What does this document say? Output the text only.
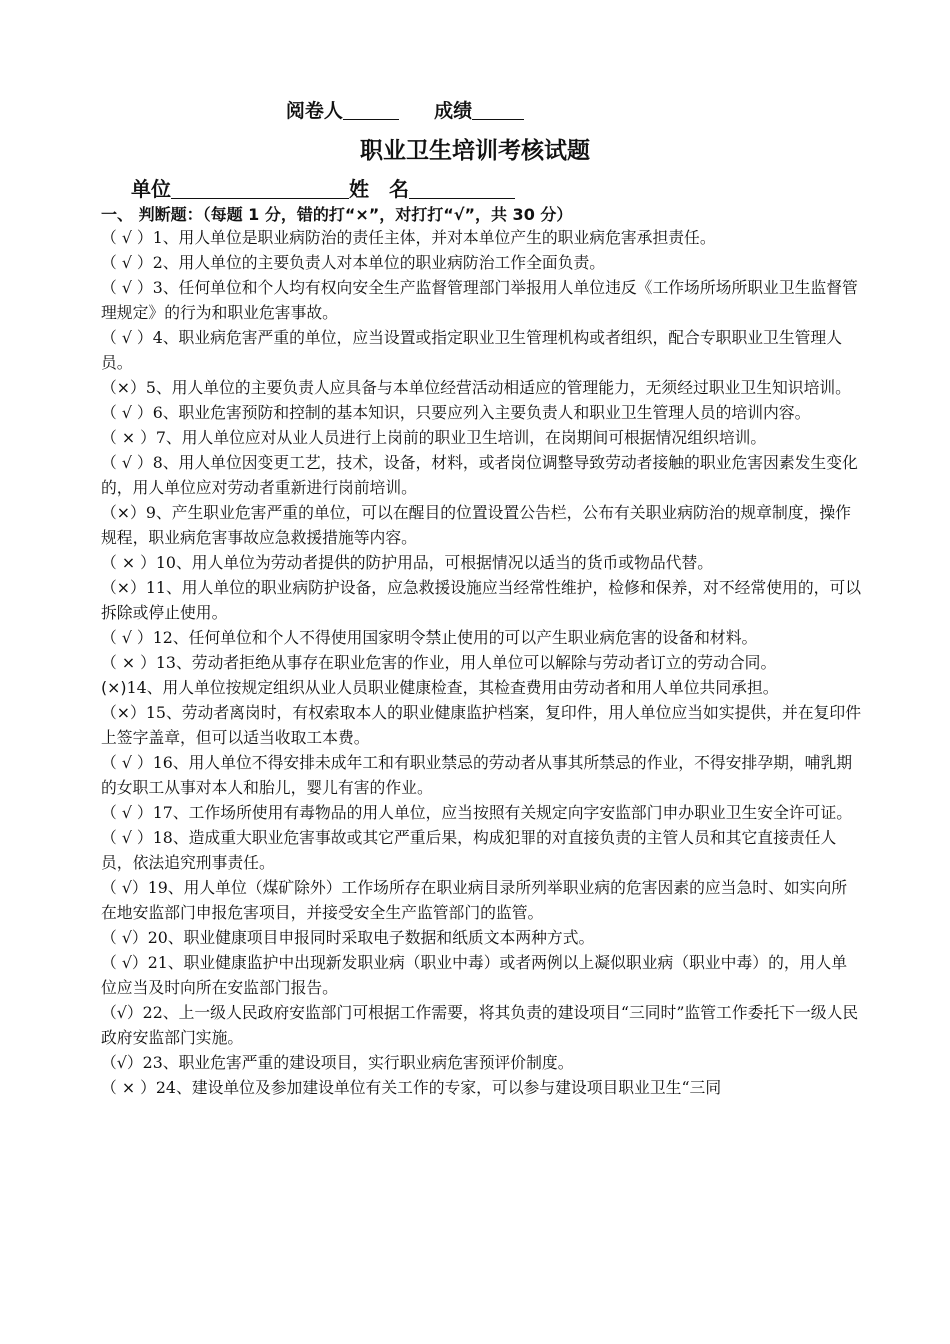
阅卷人	成绩
职业卫生培训考核试题
单位	姓　名
一、 判断题：（每题 1 分，错的打“×”，对打打“√”，共 30 分）

（ √ ）1、用人单位是职业病防治的责任主体，并对本单位产生的职业病危害承担责任。

（ √ ）2、用人单位的主要负责人对本单位的职业病防治工作全面负责。

（ √ ）3、任何单位和个人均有权向安全生产监督管理部门举报用人单位违反《工作场所场所职业卫生监督管理规定》的行为和职业危害事故。

（ √ ）4、职业病危害严重的单位，应当设置或指定职业卫生管理机构或者组织，配合专职职业卫生管理人员。

（×）5、用人单位的主要负责人应具备与本单位经营活动相适应的管理能力，无须经过职业卫生知识培训。

（ √ ）6、职业危害预防和控制的基本知识，只要应列入主要负责人和职业卫生管理人员的培训内容。

（ × ）7、用人单位应对从业人员进行上岗前的职业卫生培训，在岗期间可根据情况组织培训。

（ √ ）8、用人单位因变更工艺，技术，设备，材料，或者岗位调整导致劳动者接触的职业危害因素发生变化的，用人单位应对劳动者重新进行岗前培训。

（×）9、产生职业危害严重的单位，可以在醒目的位置设置公告栏，公布有关职业病防治的规章制度，操作规程，职业病危害事故应急救援措施等内容。

（ × ）10、用人单位为劳动者提供的防护用品，可根据情况以适当的货币或物品代替。

（×）11、用人单位的职业病防护设备，应急救援设施应当经常性维护，检修和保养，对不经常使用的，可以拆除或停止使用。

（ √ ）12、任何单位和个人不得使用国家明令禁止使用的可以产生职业病危害的设备和材料。

（ × ）13、劳动者拒绝从事存在职业危害的作业，用人单位可以解除与劳动者订立的劳动合同。

(×)14、用人单位按规定组织从业人员职业健康检查，其检查费用由劳动者和用人单位共同承担。

（×）15、劳动者离岗时，有权索取本人的职业健康监护档案，复印件，用人单位应当如实提供，并在复印件上签字盖章，但可以适当收取工本费。

（ √ ）16、用人单位不得安排未成年工和有职业禁忌的劳动者从事其所禁忌的作业，不得安排孕期，哺乳期的女职工从事对本人和胎儿，婴儿有害的作业。

（ √ ）17、工作场所使用有毒物品的用人单位，应当按照有关规定向字安监部门申办职业卫生安全许可证。

（ √ ）18、造成重大职业危害事故或其它严重后果，构成犯罪的对直接负责的主管人员和其它直接责任人员，依法追究刑事责任。

（ √）19、用人单位（煤矿除外）工作场所存在职业病目录所列举职业病的危害因素的应当急时、如实向所在地安监部门申报危害项目，并接受安全生产监管部门的监管。

（ √）20、职业健康项目申报同时采取电子数据和纸质文本两种方式。

（ √）21、职业健康监护中出现新发职业病（职业中毒）或者两例以上凝似职业病（职业中毒）的，用人单位应当及时向所在安监部门报告。

（√）22、上一级人民政府安监部门可根据工作需要，将其负责的建设项目“三同时”监管工作委托下一级人民政府安监部门实施。

（√）23、职业危害严重的建设项目，实行职业病危害预评价制度。

（ × ）24、建设单位及参加建设单位有关工作的专家，可以参与建设项目职业卫生“三同
